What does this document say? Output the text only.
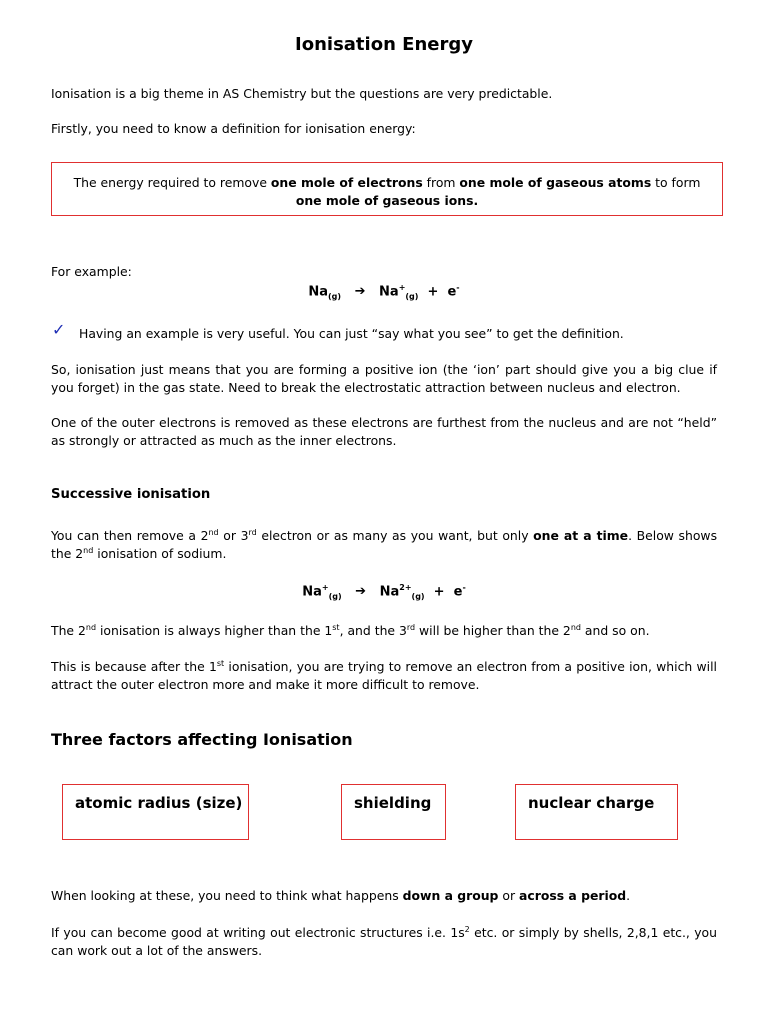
Ionisation Energy
Ionisation is a big theme in AS Chemistry but the questions are very predictable.
Firstly, you need to know a definition for ionisation energy:
The energy required to remove one mole of electrons from one mole of gaseous atoms to form one mole of gaseous ions.
For example:
$Na_{(g)}$ ➔ $Na^+_{(g)} + e^-$
✓ Having an example is very useful. You can just “say what you see” to get the definition.
So, ionisation just means that you are forming a positive ion (the ‘ion’ part should give you a big clue if you forget) in the gas state. Need to break the electrostatic attraction between nucleus and electron.
One of the outer electrons is removed as these electrons are furthest from the nucleus and are not “held” as strongly or attracted as much as the inner electrons.
Successive ionisation
You can then remove a 2nd or 3rd electron or as many as you want, but only one at a time. Below shows the 2nd ionisation of sodium.
$Na^+_{(g)}$ ➔ $Na^{2+}_{(g)} + e^-$
The 2nd ionisation is always higher than the 1st, and the 3rd will be higher than the 2nd and so on.
This is because after the 1st ionisation, you are trying to remove an electron from a positive ion, which will attract the outer electron more and make it more difficult to remove.
Three factors affecting Ionisation
atomic radius (size)	shielding	nuclear charge
When looking at these, you need to think what happens down a group or across a period.
If you can become good at writing out electronic structures i.e. $1s^2$ etc. or simply by shells, 2,8,1 etc., you can work out a lot of the answers.
